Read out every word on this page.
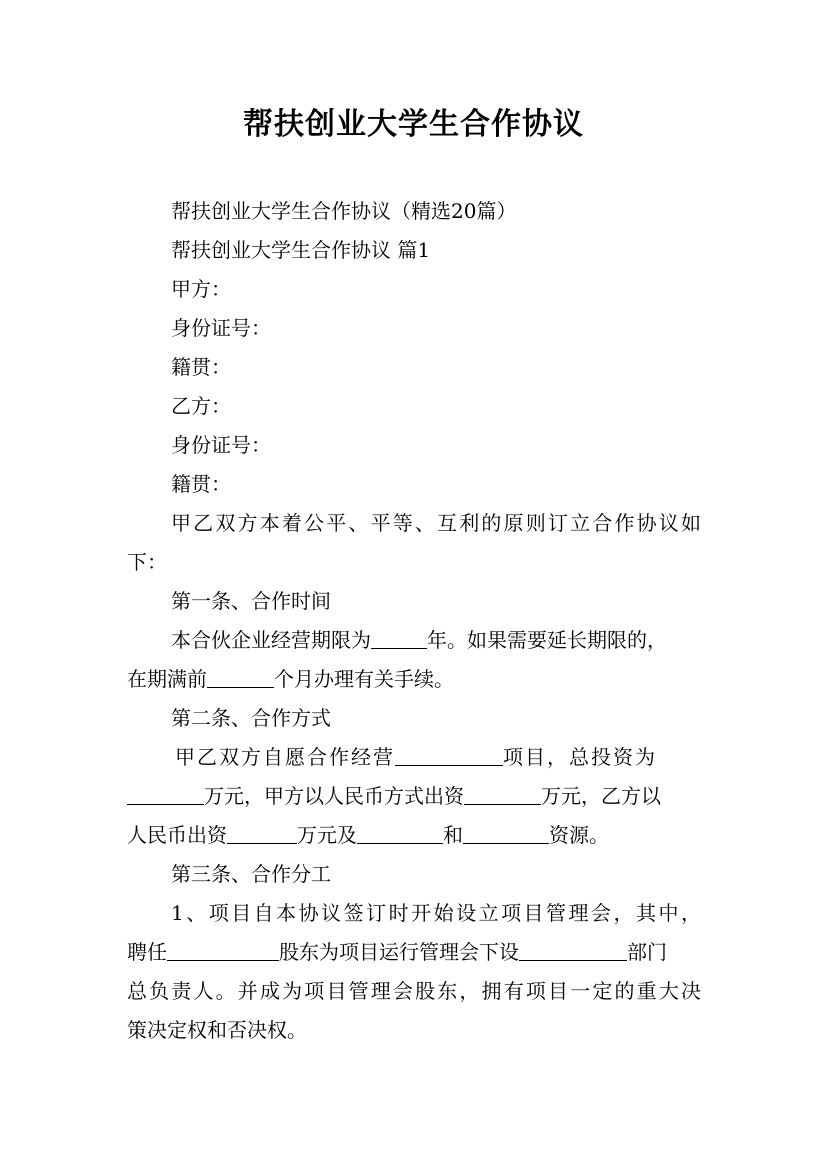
帮扶创业大学生合作协议
帮扶创业大学生合作协议（精选20篇）
帮扶创业大学生合作协议 篇1
甲方：
身份证号：
籍贯：
乙方：
身份证号：
籍贯：
甲乙双方本着公平、平等、互利的原则订立合作协议如
下：
第一条、合作时间
本合伙企业经营期限为	年。如果需要延长期限的，
在期满前	个月办理有关手续。
第二条、合作方式
甲乙双方自愿合作经营	项目，总投资为
万元，甲方以人民币方式出资	万元，乙方以
人民币出资	万元及	和	资源。
第三条、合作分工
1、项目自本协议签订时开始设立项目管理会，其中，
聘任	股东为项目运行管理会下设	部门
总负责人。并成为项目管理会股东，拥有项目一定的重大决
策决定权和否决权。
